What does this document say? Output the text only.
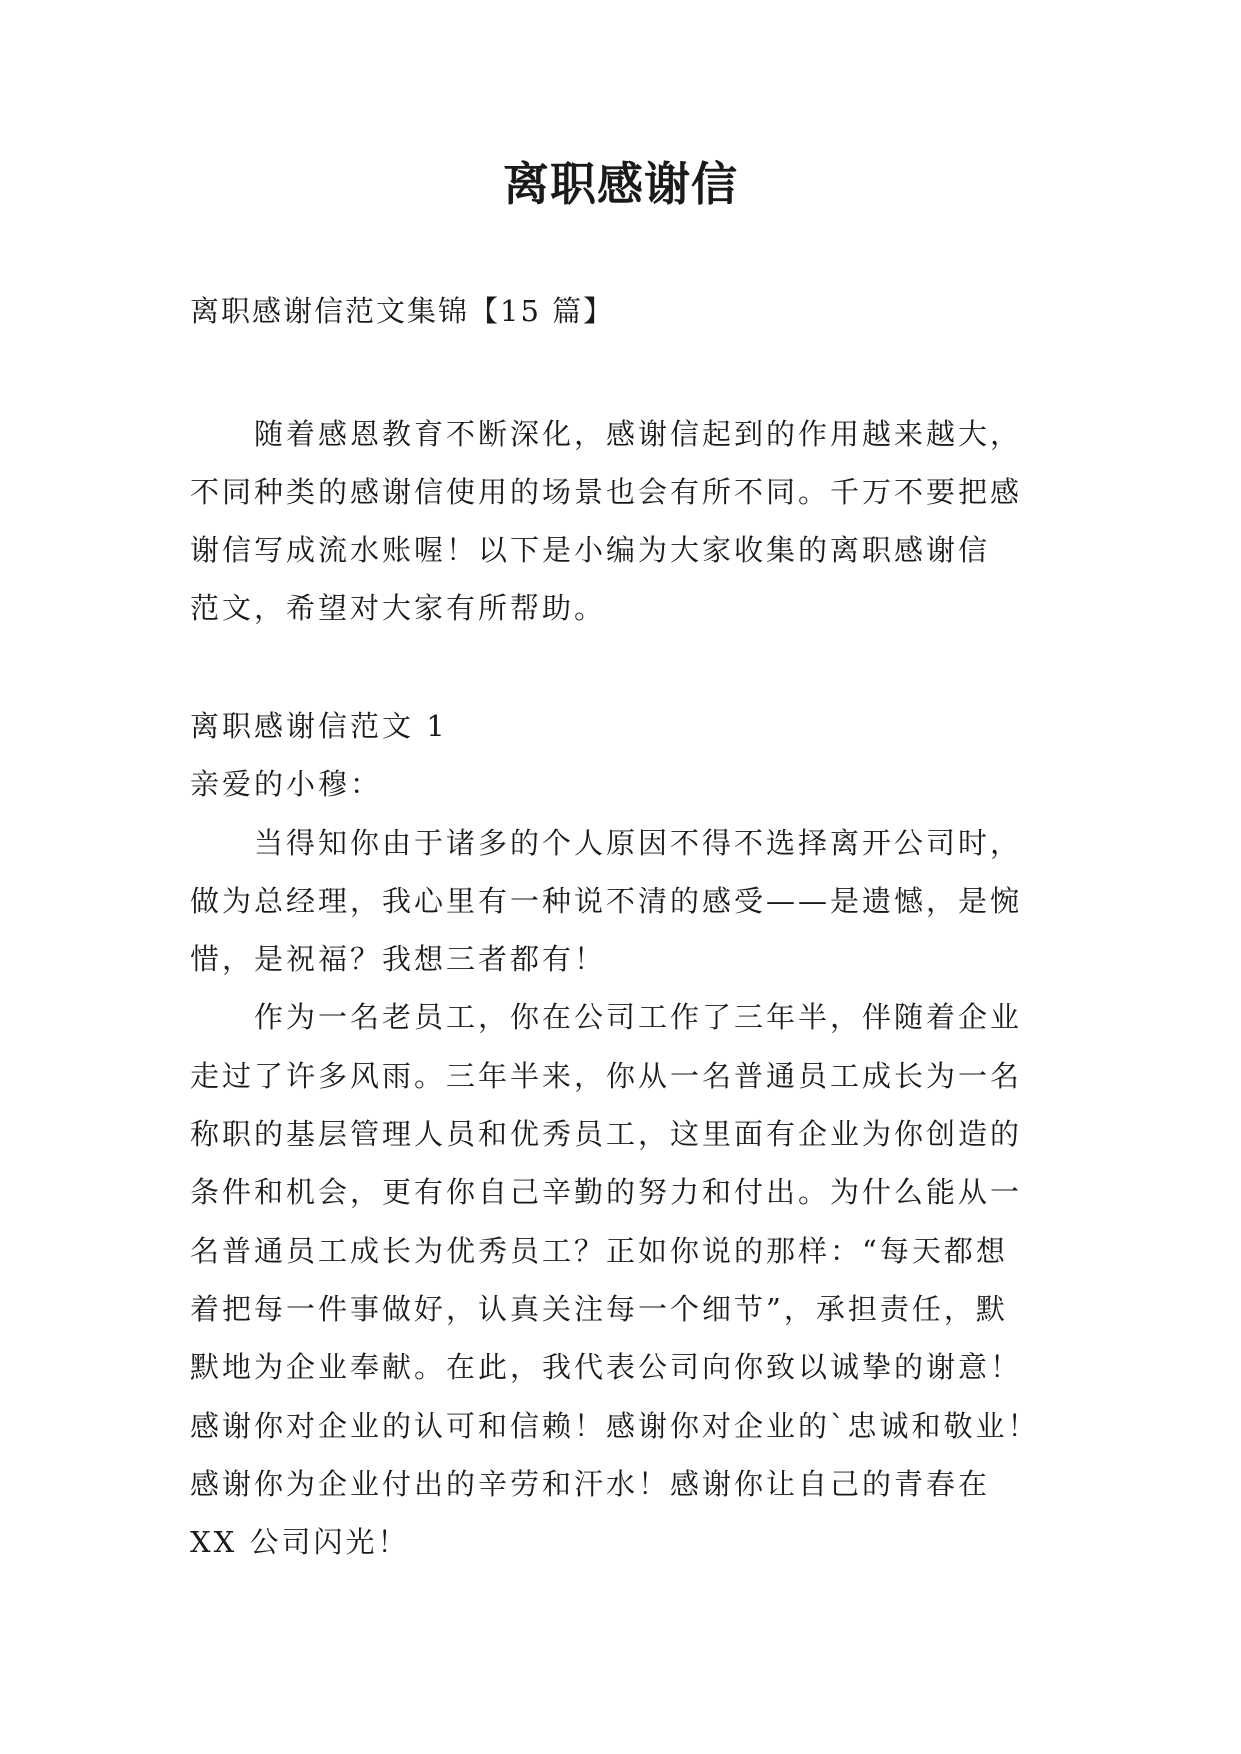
离职感谢信
离职感谢信范文集锦【15 篇】
　　随着感恩教育不断深化，感谢信起到的作用越来越大，
不同种类的感谢信使用的场景也会有所不同。千万不要把感
谢信写成流水账喔！以下是小编为大家收集的离职感谢信
范文，希望对大家有所帮助。
离职感谢信范文 1
亲爱的小穆：
　　当得知你由于诸多的个人原因不得不选择离开公司时，
做为总经理，我心里有一种说不清的感受——是遗憾，是惋
惜，是祝福？我想三者都有！
　　作为一名老员工，你在公司工作了三年半，伴随着企业
走过了许多风雨。三年半来，你从一名普通员工成长为一名
称职的基层管理人员和优秀员工，这里面有企业为你创造的
条件和机会，更有你自己辛勤的努力和付出。为什么能从一
名普通员工成长为优秀员工？正如你说的那样：“每天都想
着把每一件事做好，认真关注每一个细节”，承担责任，默
默地为企业奉献。在此，我代表公司向你致以诚挚的谢意！
感谢你对企业的认可和信赖！感谢你对企业的`忠诚和敬业！
感谢你为企业付出的辛劳和汗水！感谢你让自己的青春在
XX 公司闪光！
